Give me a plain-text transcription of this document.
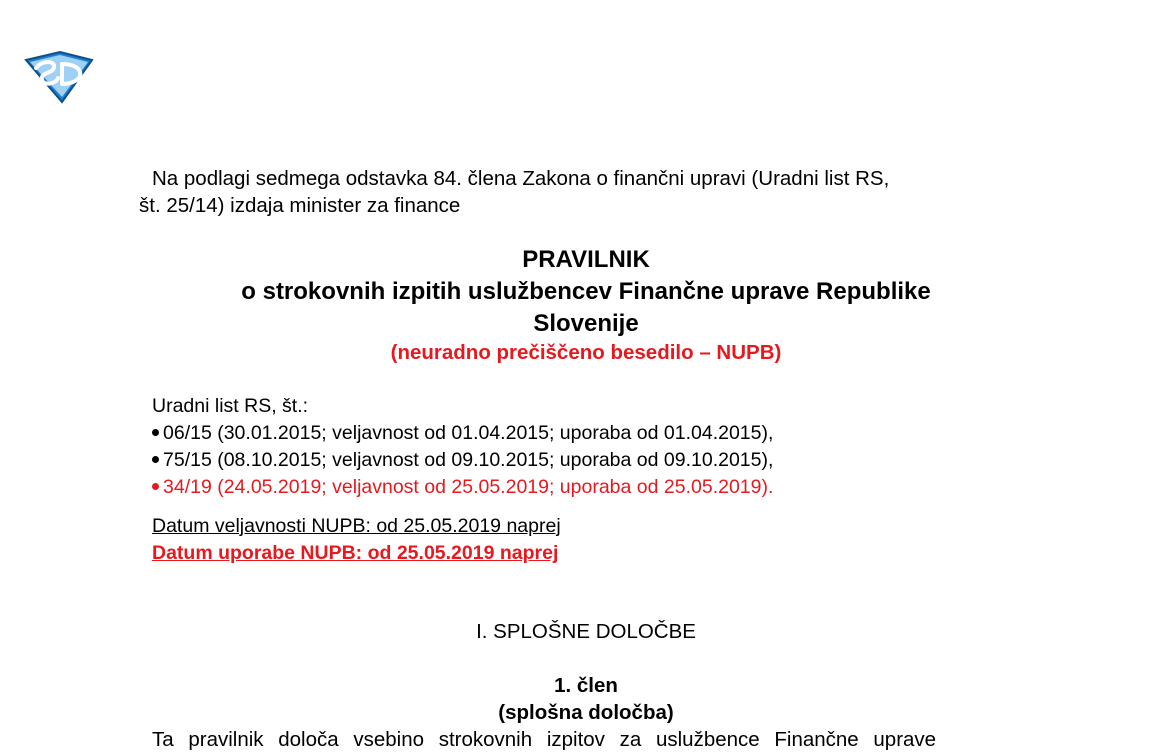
Na podlagi sedmega odstavka 84. člena Zakona o finančni upravi (Uradni list RS,
št. 25/14) izdaja minister za finance
PRAVILNIK
o strokovnih izpitih uslužbencev Finančne uprave Republike
Slovenije
(neuradno prečiščeno besedilo – NUPB)
Uradni list RS, št.:
06/15 (30.01.2015; veljavnost od 01.04.2015; uporaba od 01.04.2015),
75/15 (08.10.2015; veljavnost od 09.10.2015; uporaba od 09.10.2015),
34/19 (24.05.2019; veljavnost od 25.05.2019; uporaba od 25.05.2019).
Datum veljavnosti NUPB: od 25.05.2019 naprej
Datum uporabe NUPB: od 25.05.2019 naprej
I. SPLOŠNE DOLOČBE
1. člen
(splošna določba)
Ta pravilnik določa vsebino strokovnih izpitov za uslužbence Finančne uprave
